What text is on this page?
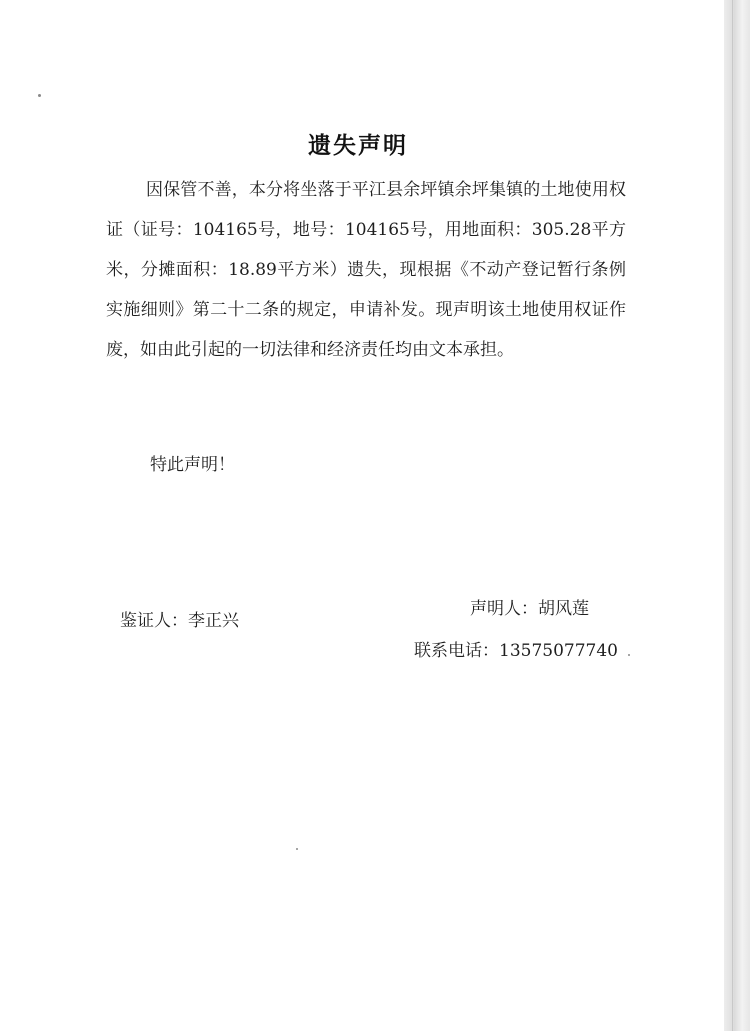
遗失声明

因保管不善，本分将坐落于平江县余坪镇余坪集镇的土地使用权证（证号：104165号，地号：104165号，用地面积：305.28平方米，分摊面积：18.89平方米）遗失，现根据《不动产登记暂行条例实施细则》第二十二条的规定，申请补发。现声明该土地使用权证作废，如由此引起的一切法律和经济责任均由文本承担。

特此声明！

鉴证人：李正兴

声明人：胡风莲

联系电话：13575077740
